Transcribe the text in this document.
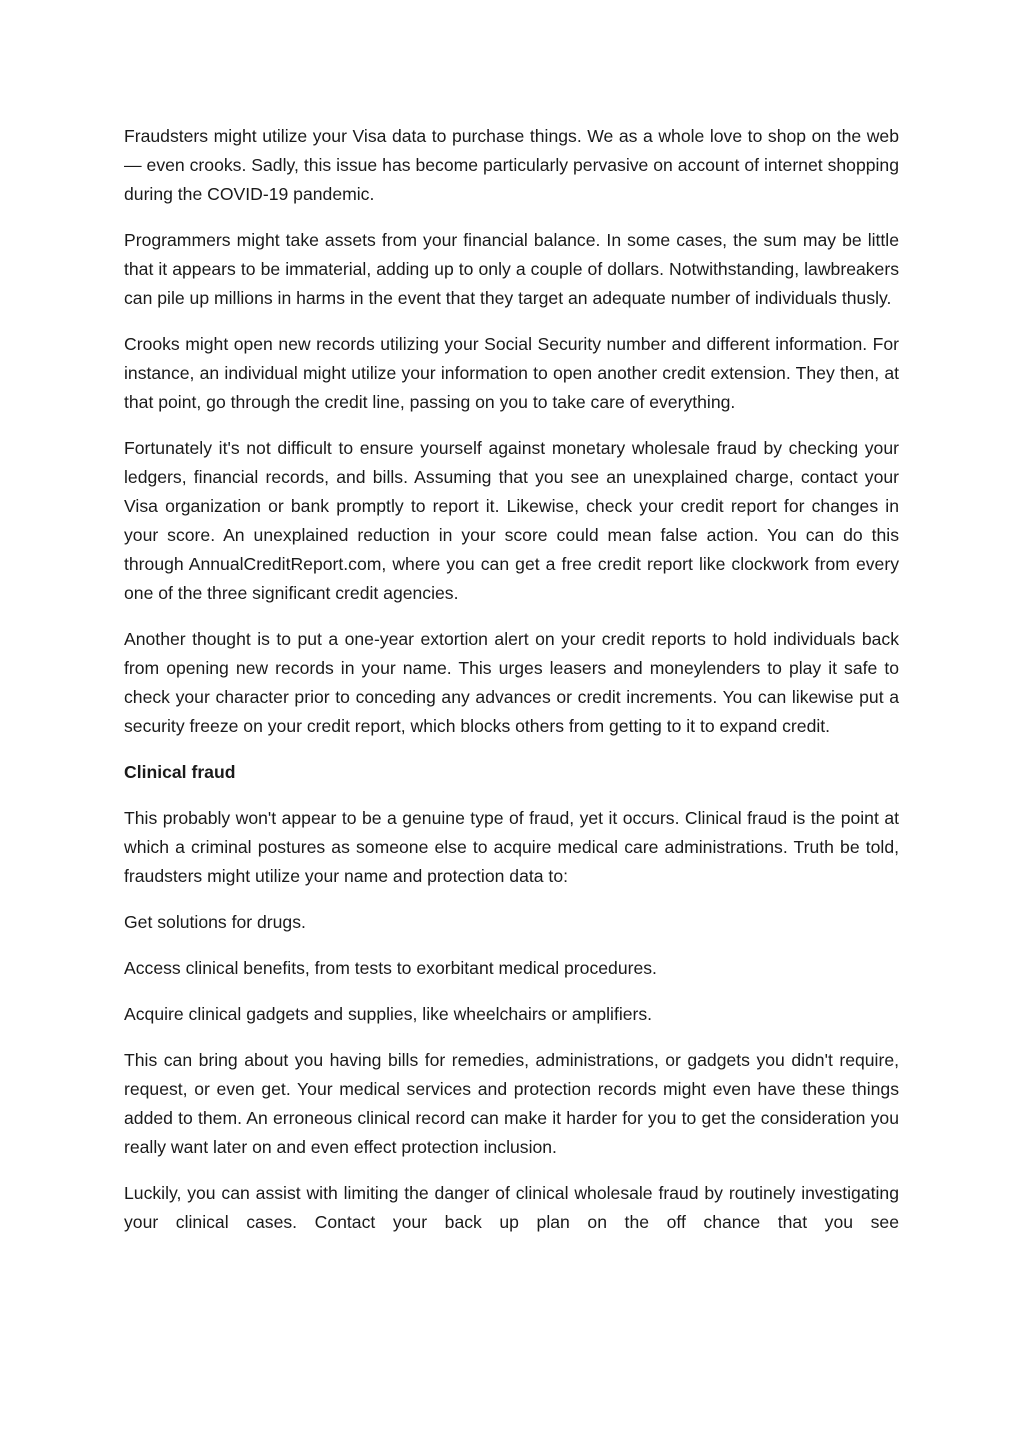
Fraudsters might utilize your Visa data to purchase things. We as a whole love to shop on the web — even crooks. Sadly, this issue has become particularly pervasive on account of internet shopping during the COVID-19 pandemic.

Programmers might take assets from your financial balance. In some cases, the sum may be little that it appears to be immaterial, adding up to only a couple of dollars. Notwithstanding, lawbreakers can pile up millions in harms in the event that they target an adequate number of individuals thusly.

Crooks might open new records utilizing your Social Security number and different information. For instance, an individual might utilize your information to open another credit extension. They then, at that point, go through the credit line, passing on you to take care of everything.

Fortunately it's not difficult to ensure yourself against monetary wholesale fraud by checking your ledgers, financial records, and bills. Assuming that you see an unexplained charge, contact your Visa organization or bank promptly to report it. Likewise, check your credit report for changes in your score. An unexplained reduction in your score could mean false action. You can do this through AnnualCreditReport.com, where you can get a free credit report like clockwork from every one of the three significant credit agencies.

Another thought is to put a one-year extortion alert on your credit reports to hold individuals back from opening new records in your name. This urges leasers and moneylenders to play it safe to check your character prior to conceding any advances or credit increments. You can likewise put a security freeze on your credit report, which blocks others from getting to it to expand credit.

Clinical fraud

This probably won't appear to be a genuine type of fraud, yet it occurs. Clinical fraud is the point at which a criminal postures as someone else to acquire medical care administrations. Truth be told, fraudsters might utilize your name and protection data to:

Get solutions for drugs.

Access clinical benefits, from tests to exorbitant medical procedures.

Acquire clinical gadgets and supplies, like wheelchairs or amplifiers.

This can bring about you having bills for remedies, administrations, or gadgets you didn't require, request, or even get. Your medical services and protection records might even have these things added to them. An erroneous clinical record can make it harder for you to get the consideration you really want later on and even effect protection inclusion.

Luckily, you can assist with limiting the danger of clinical wholesale fraud by routinely investigating your clinical cases. Contact your back up plan on the off chance that you see
